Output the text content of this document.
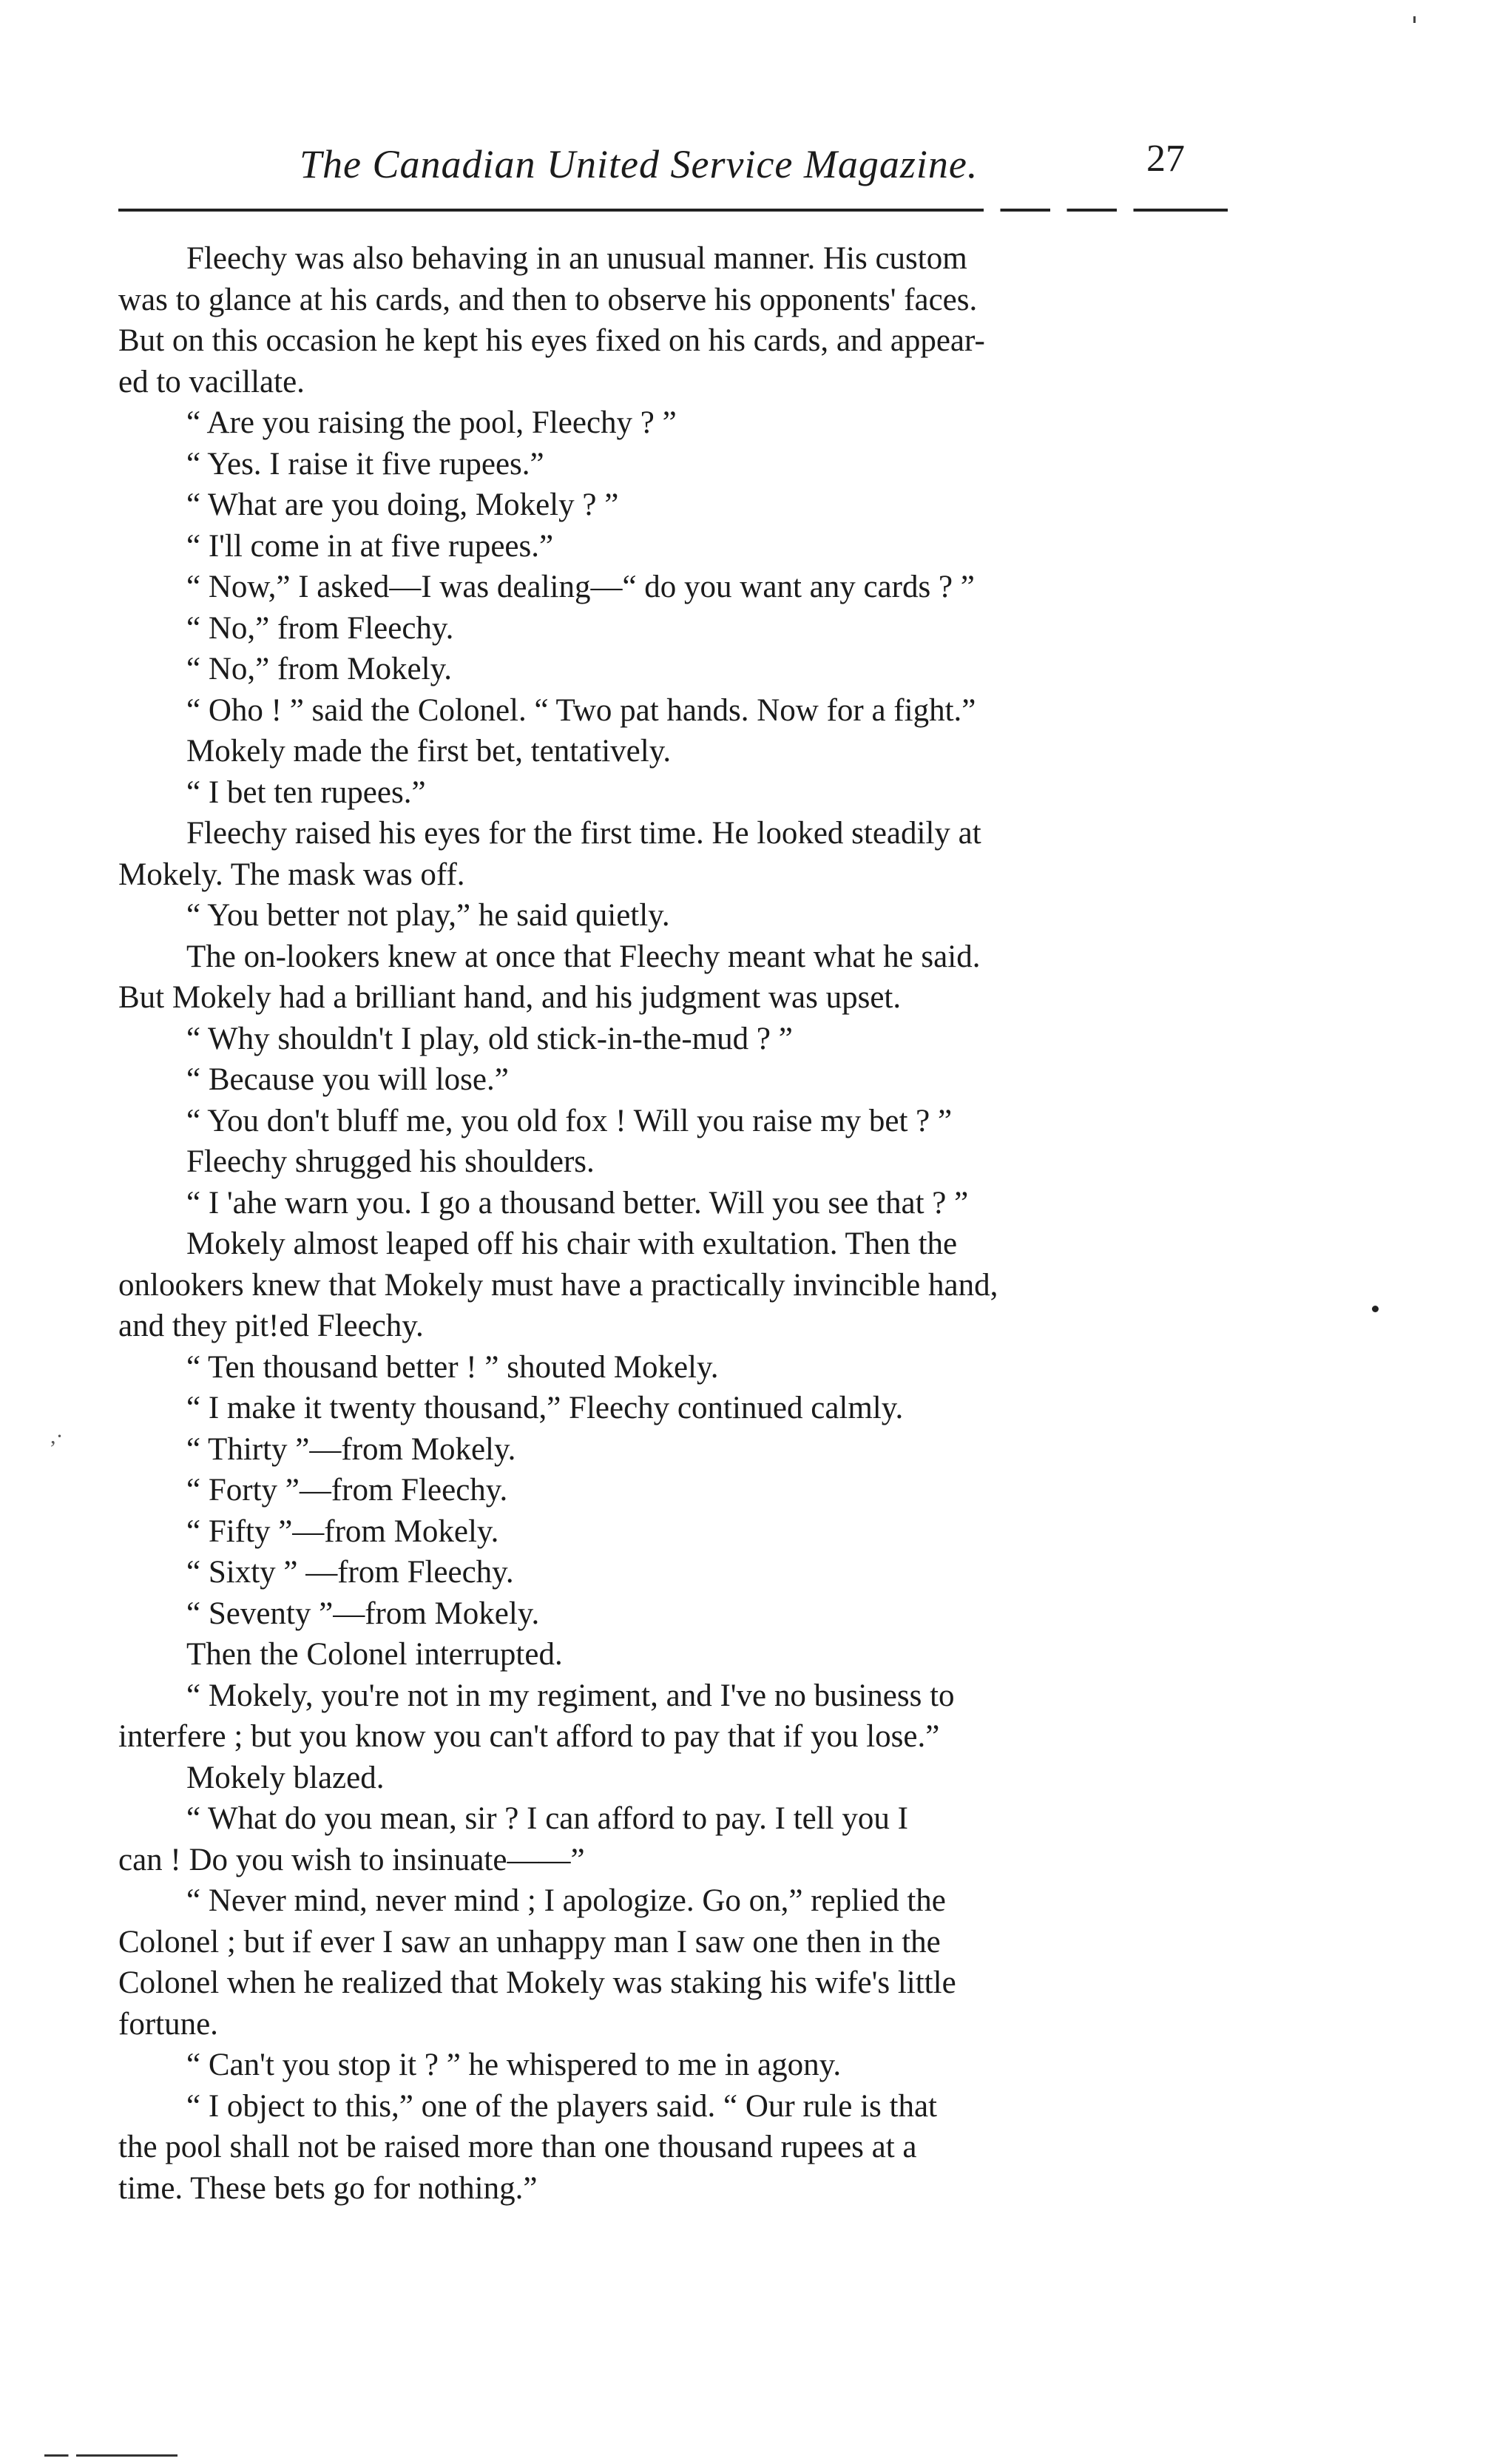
The Canadian United Service Magazine.	27
Fleechy was also behaving in an unusual manner. His custom
was to glance at his cards, and then to observe his opponents' faces.
But on this occasion he kept his eyes fixed on his cards, and appear-
ed to vacillate.
“ Are you raising the pool, Fleechy ? ”
“ Yes. I raise it five rupees.”
“ What are you doing, Mokely ? ”
“ I'll come in at five rupees.”
“ Now,” I asked—I was dealing—“ do you want any cards ? ”
“ No,” from Fleechy.
“ No,” from Mokely.
“ Oho ! ” said the Colonel. “ Two pat hands. Now for a fight.”
Mokely made the first bet, tentatively.
“ I bet ten rupees.”
Fleechy raised his eyes for the first time. He looked steadily at
Mokely. The mask was off.
“ You better not play,” he said quietly.
The on-lookers knew at once that Fleechy meant what he said.
But Mokely had a brilliant hand, and his judgment was upset.
“ Why shouldn't I play, old stick-in-the-mud ? ”
“ Because you will lose.”
“ You don't bluff me, you old fox ! Will you raise my bet ? ”
Fleechy shrugged his shoulders.
“ I 'ahe warn you. I go a thousand better. Will you see that ? ”
Mokely almost leaped off his chair with exultation. Then the
onlookers knew that Mokely must have a practically invincible hand,
and they pit!ed Fleechy.
“ Ten thousand better ! ” shouted Mokely.
“ I make it twenty thousand,” Fleechy continued calmly.
“ Thirty ”—from Mokely.
“ Forty ”—from Fleechy.
“ Fifty ”—from Mokely.
“ Sixty ” —from Fleechy.
“ Seventy ”—from Mokely.
Then the Colonel interrupted.
“ Mokely, you're not in my regiment, and I've no business to
interfere ; but you know you can't afford to pay that if you lose.”
Mokely blazed.
“ What do you mean, sir ? I can afford to pay. I tell you I
can ! Do you wish to insinuate——”
“ Never mind, never mind ; I apologize. Go on,” replied the
Colonel ; but if ever I saw an unhappy man I saw one then in the
Colonel when he realized that Mokely was staking his wife's little
fortune.
“ Can't you stop it ? ” he whispered to me in agony.
“ I object to this,” one of the players said. “ Our rule is that
the pool shall not be raised more than one thousand rupees at a
time. These bets go for nothing.”
,·
